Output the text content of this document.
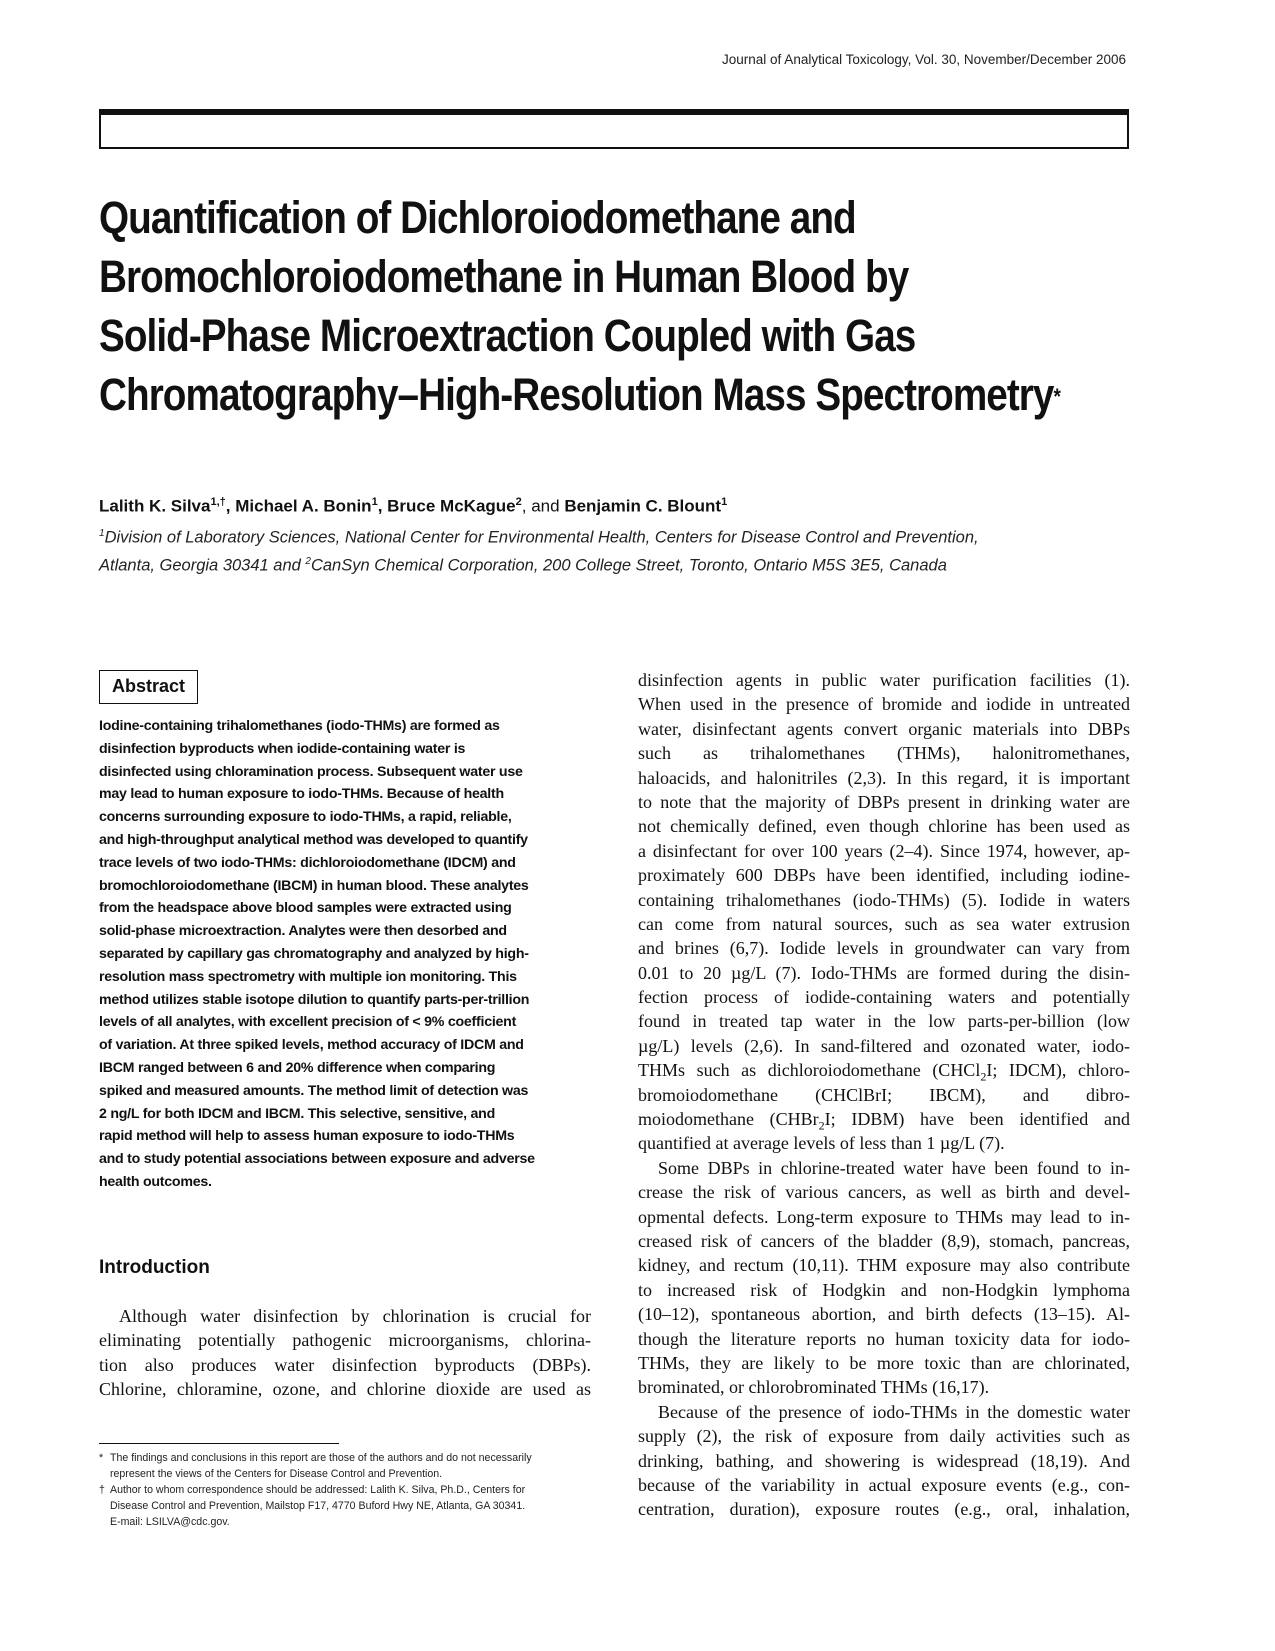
Journal of Analytical Toxicology, Vol. 30, November/December 2006
Quantification of Dichloroiodomethane and
Bromochloroiodomethane in Human Blood by
Solid-Phase Microextraction Coupled with Gas
Chromatography–High-Resolution Mass Spectrometry*
Lalith K. Silva$^{1,\dagger}$, Michael A. Bonin$^1$, Bruce McKague$^2$, and Benjamin C. Blount$^1$
$^1$Division of Laboratory Sciences, National Center for Environmental Health, Centers for Disease Control and Prevention,
Atlanta, Georgia 30341 and $^2$CanSyn Chemical Corporation, 200 College Street, Toronto, Ontario M5S 3E5, Canada
Abstract
Iodine-containing trihalomethanes (iodo-THMs) are formed as
disinfection byproducts when iodide-containing water is
disinfected using chloramination process. Subsequent water use
may lead to human exposure to iodo-THMs. Because of health
concerns surrounding exposure to iodo-THMs, a rapid, reliable,
and high-throughput analytical method was developed to quantify
trace levels of two iodo-THMs: dichloroiodomethane (IDCM) and
bromochloroiodomethane (IBCM) in human blood. These analytes
from the headspace above blood samples were extracted using
solid-phase microextraction. Analytes were then desorbed and
separated by capillary gas chromatography and analyzed by high-
resolution mass spectrometry with multiple ion monitoring. This
method utilizes stable isotope dilution to quantify parts-per-trillion
levels of all analytes, with excellent precision of < 9% coefficient
of variation. At three spiked levels, method accuracy of IDCM and
IBCM ranged between 6 and 20% difference when comparing
spiked and measured amounts. The method limit of detection was
2 ng/L for both IDCM and IBCM. This selective, sensitive, and
rapid method will help to assess human exposure to iodo-THMs
and to study potential associations between exposure and adverse
health outcomes.
Introduction
Although water disinfection by chlorination is crucial for
eliminating potentially pathogenic microorganisms, chlorina-
tion also produces water disinfection byproducts (DBPs).
Chlorine, chloramine, ozone, and chlorine dioxide are used as
* The findings and conclusions in this report are those of the authors and do not necessarily
represent the views of the Centers for Disease Control and Prevention.
† Author to whom correspondence should be addressed: Lalith K. Silva, Ph.D., Centers for
Disease Control and Prevention, Mailstop F17, 4770 Buford Hwy NE, Atlanta, GA 30341.
E-mail: LSILVA@cdc.gov.
disinfection agents in public water purification facilities (1).
When used in the presence of bromide and iodide in untreated
water, disinfectant agents convert organic materials into DBPs
such as trihalomethanes (THMs), halonitromethanes,
haloacids, and halonitriles (2,3). In this regard, it is important
to note that the majority of DBPs present in drinking water are
not chemically defined, even though chlorine has been used as
a disinfectant for over 100 years (2–4). Since 1974, however, ap-
proximately 600 DBPs have been identified, including iodine-
containing trihalomethanes (iodo-THMs) (5). Iodide in waters
can come from natural sources, such as sea water extrusion
and brines (6,7). Iodide levels in groundwater can vary from
0.01 to 20 µg/L (7). Iodo-THMs are formed during the disin-
fection process of iodide-containing waters and potentially
found in treated tap water in the low parts-per-billion (low
µg/L) levels (2,6). In sand-filtered and ozonated water, iodo-
THMs such as dichloroiodomethane (CHCl$_2$I; IDCM), chloro-
bromoiodomethane (CHClBrI; IBCM), and dibro-
moiodomethane (CHBr$_2$I; IDBM) have been identified and
quantified at average levels of less than 1 µg/L (7).
Some DBPs in chlorine-treated water have been found to in-
crease the risk of various cancers, as well as birth and devel-
opmental defects. Long-term exposure to THMs may lead to in-
creased risk of cancers of the bladder (8,9), stomach, pancreas,
kidney, and rectum (10,11). THM exposure may also contribute
to increased risk of Hodgkin and non-Hodgkin lymphoma
(10–12), spontaneous abortion, and birth defects (13–15). Al-
though the literature reports no human toxicity data for iodo-
THMs, they are likely to be more toxic than are chlorinated,
brominated, or chlorobrominated THMs (16,17).
Because of the presence of iodo-THMs in the domestic water
supply (2), the risk of exposure from daily activities such as
drinking, bathing, and showering is widespread (18,19). And
because of the variability in actual exposure events (e.g., con-
centration, duration), exposure routes (e.g., oral, inhalation,
